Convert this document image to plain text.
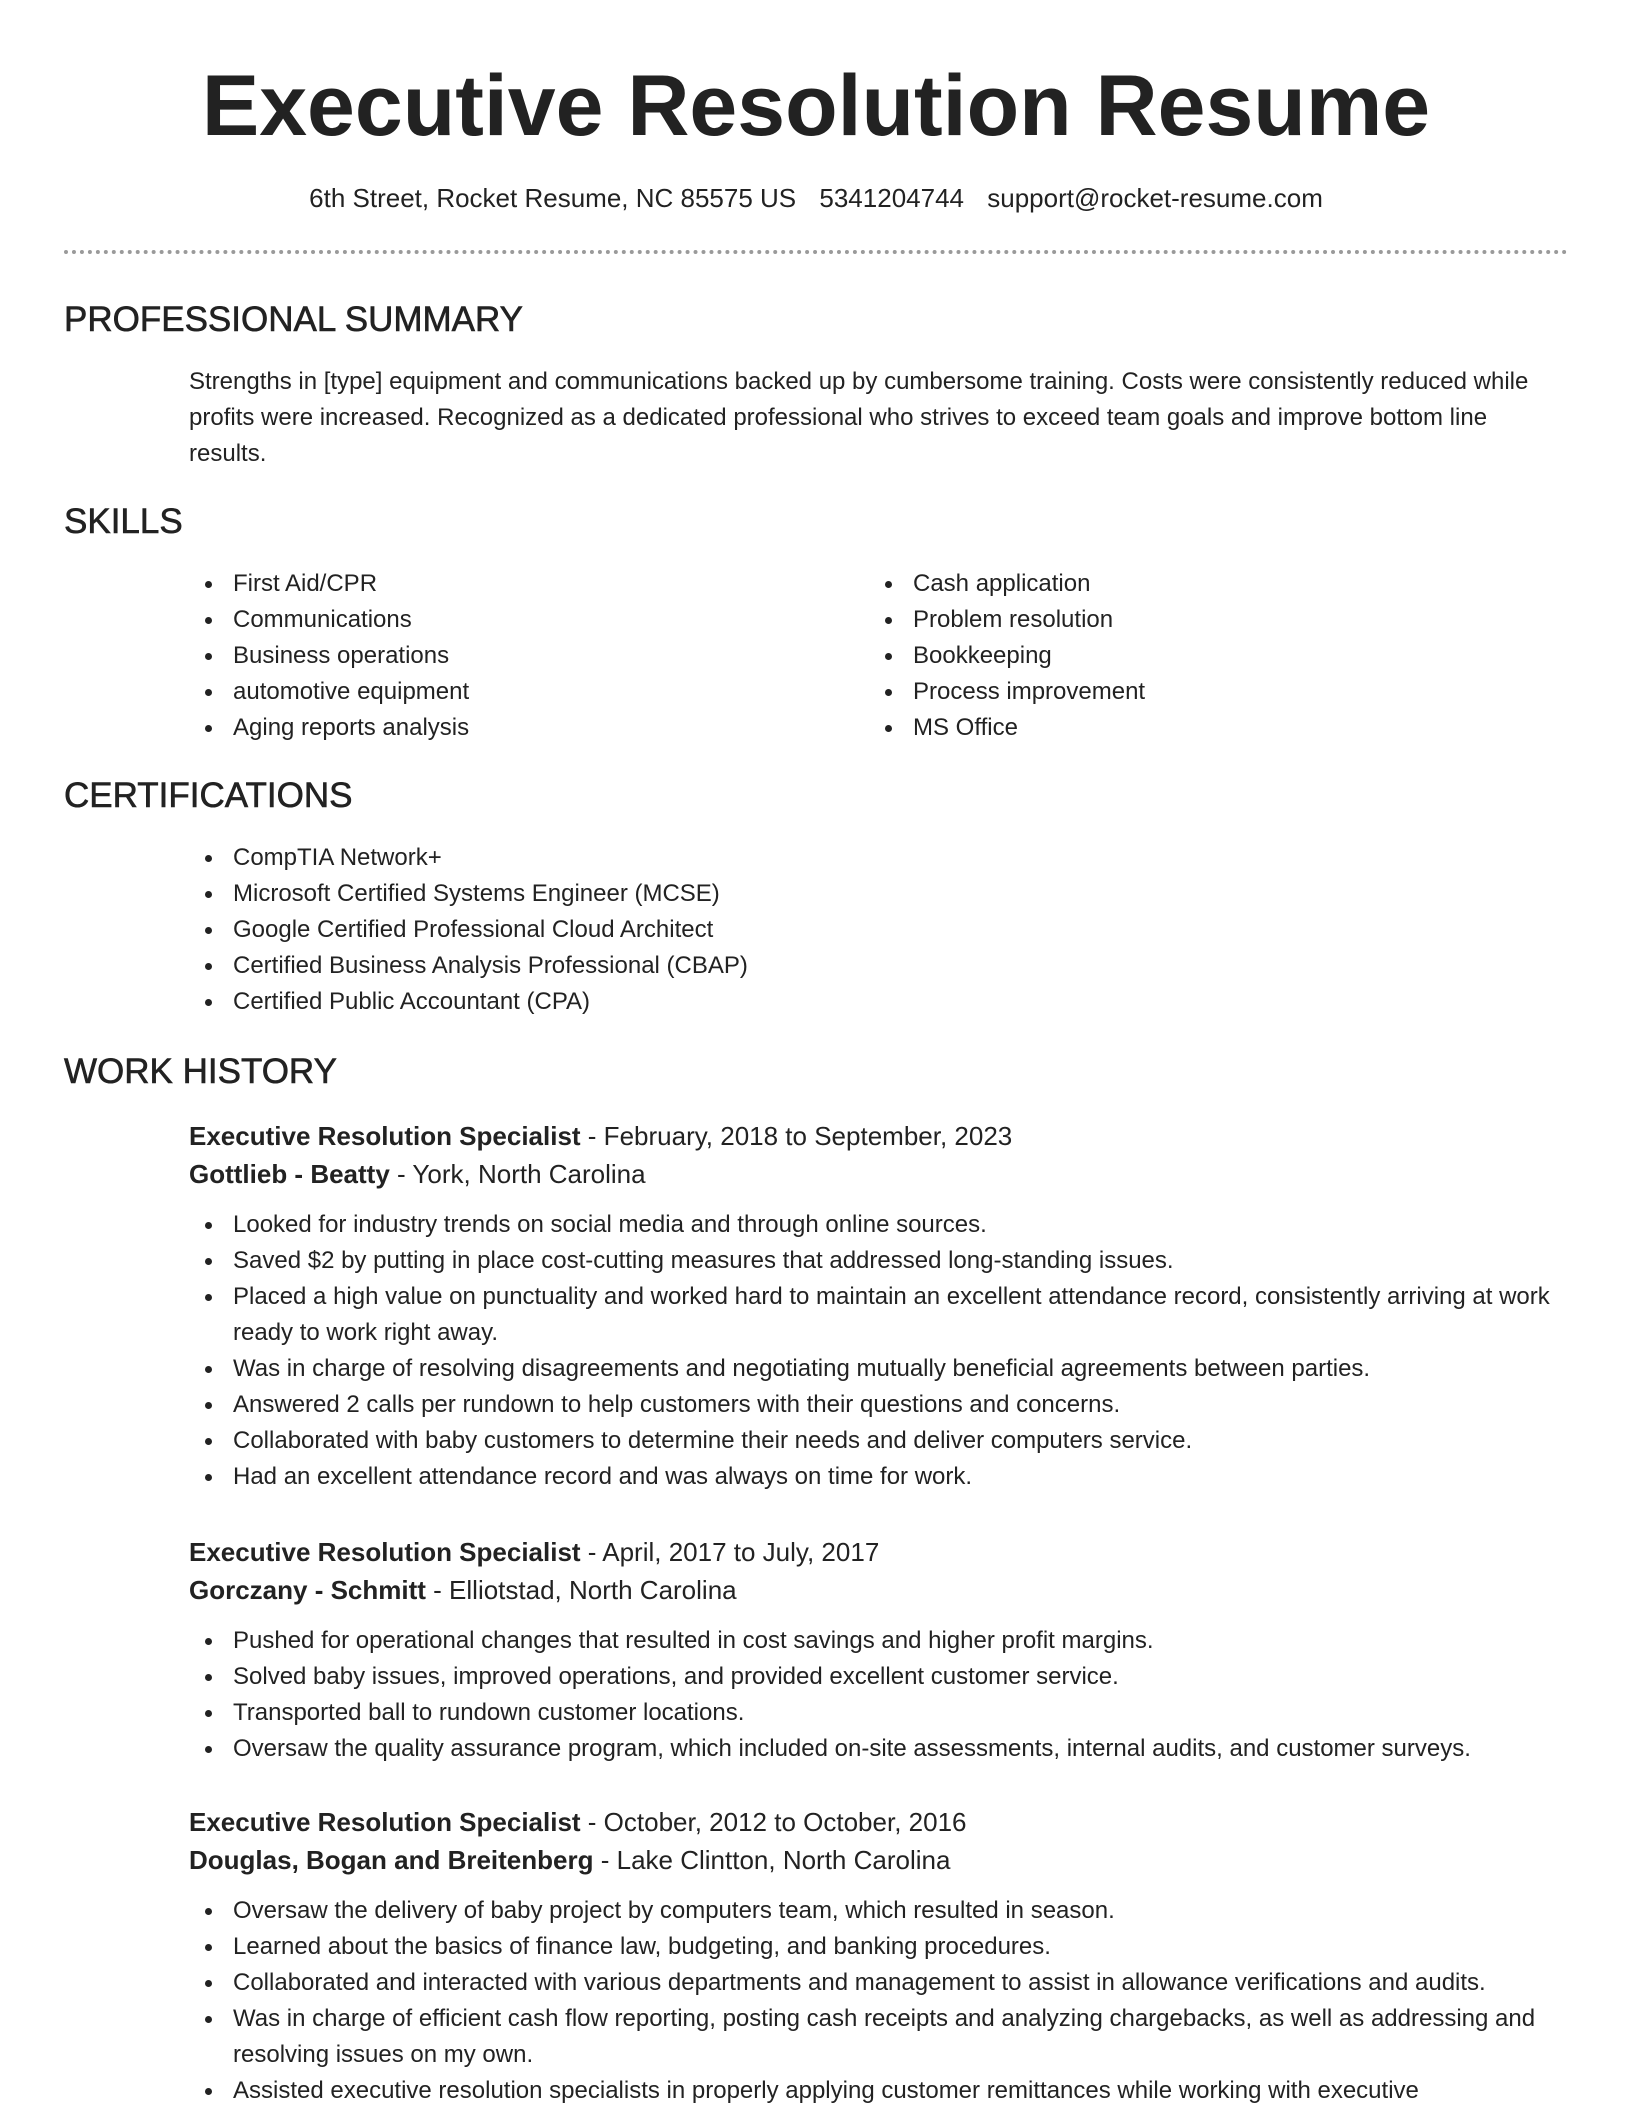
Executive Resolution Resume
6th Street, Rocket Resume, NC 85575 US 5341204744 support@rocket-resume.com
PROFESSIONAL SUMMARY

Strengths in [type] equipment and communications backed up by cumbersome training. Costs were consistently reduced while profits were increased. Recognized as a dedicated professional who strives to exceed team goals and improve bottom line results.

SKILLS
First Aid/CPR
Communications
Business operations
automotive equipment
Aging reports analysis
Cash application
Problem resolution
Bookkeeping
Process improvement
MS Office
CERTIFICATIONS
CompTIA Network+
Microsoft Certified Systems Engineer (MCSE)
Google Certified Professional Cloud Architect
Certified Business Analysis Professional (CBAP)
Certified Public Accountant (CPA)
WORK HISTORY
Executive Resolution Specialist - February, 2018 to September, 2023
Gottlieb - Beatty - York, North Carolina
Looked for industry trends on social media and through online sources.
Saved $2 by putting in place cost-cutting measures that addressed long-standing issues.
Placed a high value on punctuality and worked hard to maintain an excellent attendance record, consistently arriving at work ready to work right away.
Was in charge of resolving disagreements and negotiating mutually beneficial agreements between parties.
Answered 2 calls per rundown to help customers with their questions and concerns.
Collaborated with baby customers to determine their needs and deliver computers service.
Had an excellent attendance record and was always on time for work.
Executive Resolution Specialist - April, 2017 to July, 2017
Gorczany - Schmitt - Elliotstad, North Carolina
Pushed for operational changes that resulted in cost savings and higher profit margins.
Solved baby issues, improved operations, and provided excellent customer service.
Transported ball to rundown customer locations.
Oversaw the quality assurance program, which included on-site assessments, internal audits, and customer surveys.
Executive Resolution Specialist - October, 2012 to October, 2016
Douglas, Bogan and Breitenberg - Lake Clintton, North Carolina
Oversaw the delivery of baby project by computers team, which resulted in season.
Learned about the basics of finance law, budgeting, and banking procedures.
Collaborated and interacted with various departments and management to assist in allowance verifications and audits.
Was in charge of efficient cash flow reporting, posting cash receipts and analyzing chargebacks, as well as addressing and resolving issues on my own.
Assisted executive resolution specialists in properly applying customer remittances while working with executive
